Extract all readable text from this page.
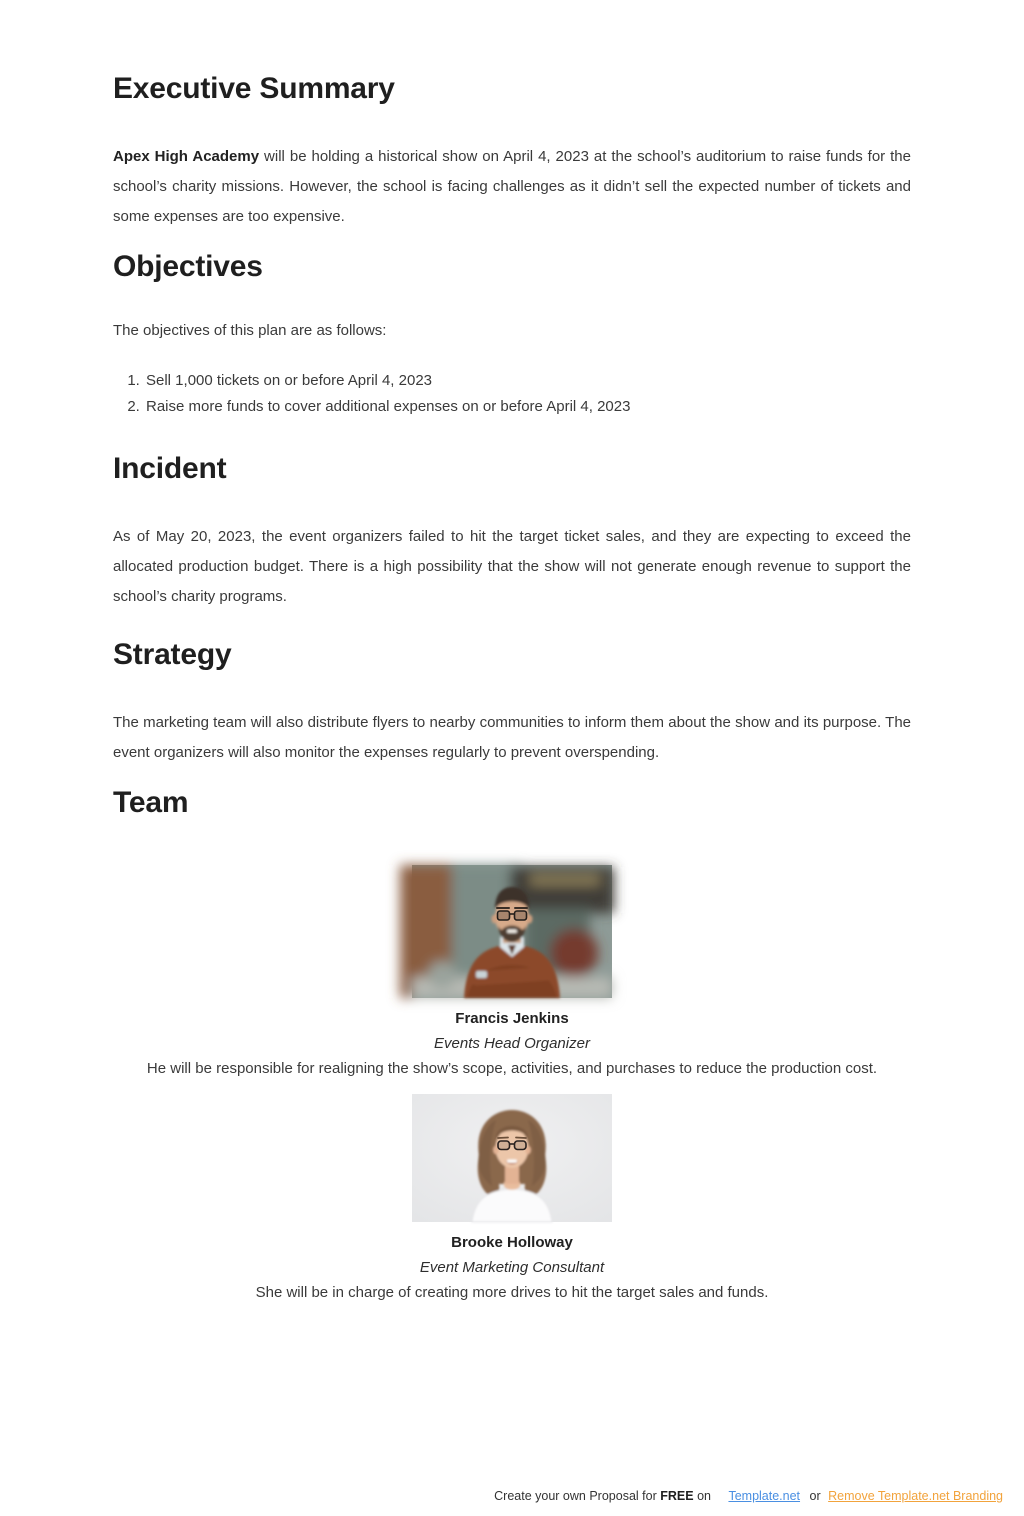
Executive Summary

Apex High Academy will be holding a historical show on April 4, 2023 at the school’s auditorium to raise funds for the school’s charity missions. However, the school is facing challenges as it didn’t sell the expected number of tickets and some expenses are too expensive.

Objectives

The objectives of this plan are as follows:

1. Sell 1,000 tickets on or before April 4, 2023
2. Raise more funds to cover additional expenses on or before April 4, 2023
Incident

As of May 20, 2023, the event organizers failed to hit the target ticket sales, and they are expecting to exceed the allocated production budget. There is a high possibility that the show will not generate enough revenue to support the school’s charity programs.

Strategy

The marketing team will also distribute flyers to nearby communities to inform them about the show and its purpose. The event organizers will also monitor the expenses regularly to prevent overspending.

Team
Francis Jenkins
Events Head Organizer
He will be responsible for realigning the show’s scope, activities, and purchases to reduce the production cost.
Brooke Holloway
Event Marketing Consultant
She will be in charge of creating more drives to hit the target sales and funds.
Create your own Proposal for FREE on Template.net or Remove Template.net Branding
